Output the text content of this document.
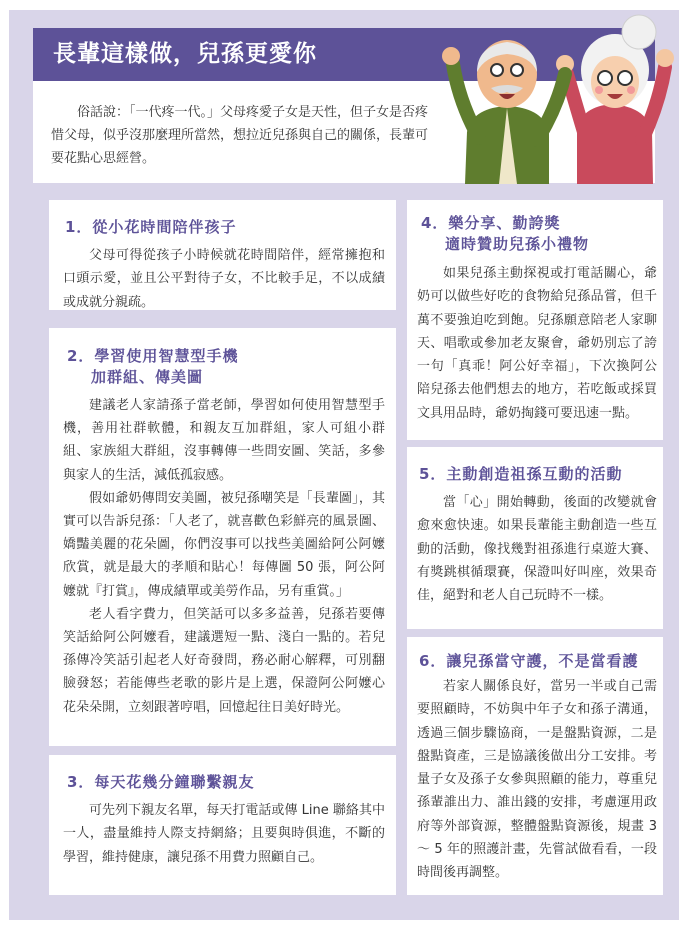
俗話說：「一代疼一代。」父母疼愛子女是天性，但子女是否疼惜父母，似乎沒那麼理所當然，想拉近兒孫與自己的關係，長輩可要花點心思經營。

長輩這樣做，兒孫更愛你
1．從小花時間陪伴孩子

父母可得從孩子小時候就花時間陪伴，經常擁抱和口頭示愛，並且公平對待子女，不比較手足，不以成績或成就分親疏。

2．學習使用智慧型手機
加群組、傳美圖

建議老人家請孫子當老師，學習如何使用智慧型手機，善用社群軟體，和親友互加群組，家人可組小群組、家族組大群組，沒事轉傳一些問安圖、笑話，多參與家人的生活，減低孤寂感。

假如爺奶傳問安美圖，被兒孫嘲笑是「長輩圖」，其實可以告訴兒孫：「人老了，就喜歡色彩鮮亮的風景圖、嬌豔美麗的花朵圖，你們沒事可以找些美圖給阿公阿嬤欣賞，就是最大的孝順和貼心！每傳圖 50 張，阿公阿嬤就『打賞』，傳成績單或美勞作品，另有重賞。」

老人看字費力，但笑話可以多多益善，兒孫若要傳笑話給阿公阿嬤看，建議選短一點、淺白一點的。若兒孫傳冷笑話引起老人好奇發問，務必耐心解釋，可別翻臉發怒；若能傳些老歌的影片是上選，保證阿公阿嬤心花朵朵開，立刻跟著哼唱，回憶起往日美好時光。

3．每天花幾分鐘聯繫親友

可先列下親友名單，每天打電話或傳 Line 聯絡其中一人，盡量維持人際支持網絡；且要與時俱進，不斷的學習，維持健康，讓兒孫不用費力照顧自己。

4．樂分享、勤誇獎
適時贊助兒孫小禮物

如果兒孫主動探視或打電話關心，爺奶可以做些好吃的食物給兒孫品嘗，但千萬不要強迫吃到飽。兒孫願意陪老人家聊天、唱歌或參加老友聚會，爺奶別忘了誇一句「真乖！阿公好幸福」，下次換阿公陪兒孫去他們想去的地方，若吃飯或採買文具用品時，爺奶掏錢可要迅速一點。

5．主動創造祖孫互動的活動

當「心」開始轉動，後面的改變就會愈來愈快速。如果長輩能主動創造一些互動的活動，像找幾對祖孫進行桌遊大賽、有獎跳棋循環賽，保證叫好叫座，效果奇佳，絕對和老人自己玩時不一樣。

6．讓兒孫當守護，不是當看護

若家人關係良好，當另一半或自己需要照顧時，不妨與中年子女和孫子溝通，透過三個步驟協商，一是盤點資源，二是盤點資產，三是協議後做出分工安排。考量子女及孫子女參與照顧的能力，尊重兒孫輩誰出力、誰出錢的安排，考慮運用政府等外部資源，整體盤點資源後，規畫 3 ～ 5 年的照護計畫，先嘗試做看看，一段時間後再調整。
